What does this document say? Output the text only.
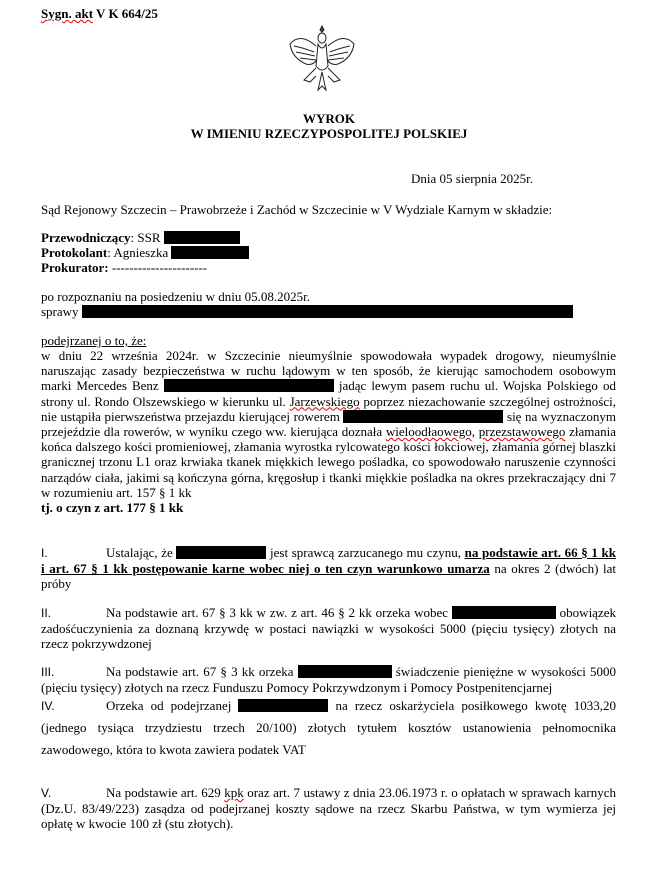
Sygn. akt V K 664/25
WYROK
W IMIENIU RZECZYPOSPOLITEJ POLSKIEJ
Dnia 05 sierpnia 2025r.
Sąd Rejonowy Szczecin – Prawobrzeże i Zachód w Szczecinie w V Wydziale Karnym w składzie:
Przewodniczący: SSR
Protokolant: Agnieszka
Prokurator: ----------------------
po rozpoznaniu na posiedzeniu w dniu 05.08.2025r.
sprawy
podejrzanej o to, że:
w dniu 22 września 2024r. w Szczecinie nieumyślnie spowodowała wypadek drogowy, nieumyślnie naruszając zasady bezpieczeństwa w ruchu lądowym w ten sposób, że kierując samochodem osobowym marki Mercedes Benz	jadąc lewym pasem ruchu ul. Wojska Polskiego od strony ul. Rondo Olszewskiego w kierunku ul. Jarzewskiego poprzez niezachowanie szczególnej ostrożności, nie ustąpiła pierwszeństwa przejazdu kierującej rowerem	się na wyznaczonym przejeździe dla rowerów, w wyniku czego ww. kierująca doznała wieloodłaowego, przezstawowego złamania końca dalszego kości promieniowej, złamania wyrostka rylcowatego kości łokciowej, złamania górnej blaszki granicznej trzonu L1 oraz krwiaka tkanek miękkich lewego pośladka, co spowodowało naruszenie czynności narządów ciała, jakimi są kończyna górna, kręgosłup i tkanki miękkie pośladka na okres przekraczający dni 7 w rozumieniu art. 157 § 1 kk
tj. o czyn z art. 177 § 1 kk
I.	Ustalając, że	jest sprawcą zarzucanego mu czynu, na podstawie art. 66 § 1 kk i art. 67 § 1 kk postępowanie karne wobec niej o ten czyn warunkowo umarza na okres 2 (dwóch) lat próby
II.	Na podstawie art. 67 § 3 kk w zw. z art. 46 § 2 kk orzeka wobec	obowiązek zadośćuczynienia za doznaną krzywdę w postaci nawiązki w wysokości 5000 (pięciu tysięcy) złotych na rzecz pokrzywdzonej
III.	Na podstawie art. 67 § 3 kk orzeka	świadczenie pieniężne w wysokości 5000 (pięciu tysięcy) złotych na rzecz Funduszu Pomocy Pokrzywdzonym i Pomocy Postpenitencjarnej
IV.	Orzeka od podejrzanej	na rzecz oskarżyciela posiłkowego kwotę 1033,20 (jednego tysiąca trzydziestu trzech 20/100) złotych tytułem kosztów ustanowienia pełnomocnika zawodowego, która to kwota zawiera podatek VAT
V.	Na podstawie art. 629 kpk oraz art. 7 ustawy z dnia 23.06.1973 r. o opłatach w sprawach karnych (Dz.U. 83/49/223) zasądza od podejrzanej koszty sądowe na rzecz Skarbu Państwa, w tym wymierza jej opłatę w kwocie 100 zł (stu złotych).
